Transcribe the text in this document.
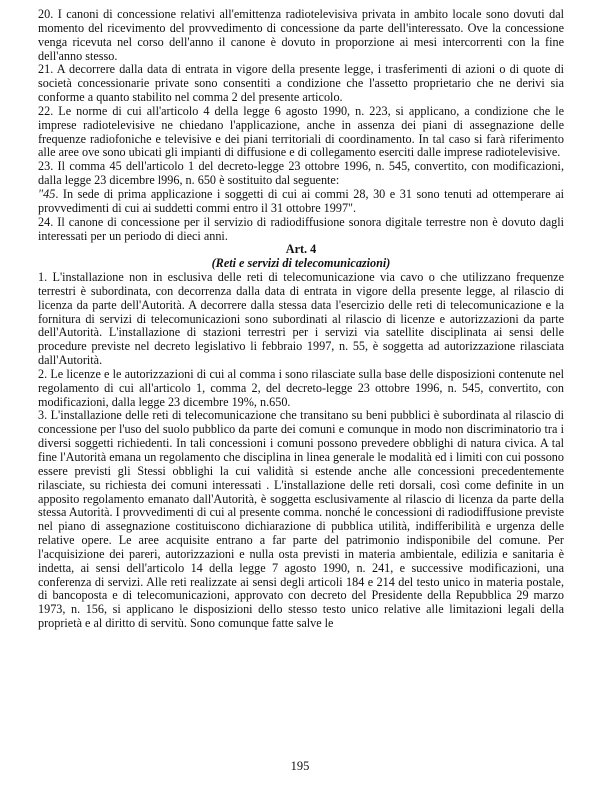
20. I canoni di concessione relativi all'emittenza radiotelevisiva privata in ambito locale sono dovuti dal momento del ricevimento del provvedimento di concessione da parte dell'interessato. Ove la concessione venga ricevuta nel corso dell'anno il canone è dovuto in proporzione ai mesi intercorrenti con la fine dell'anno stesso.

21. A decorrere dalla data di entrata in vigore della presente legge, i trasferimenti di azioni o di quote di società concessionarie private sono consentiti a condizione che l'assetto proprietario che ne derivi sia conforme a quanto stabilito nel comma 2 del presente articolo.

22. Le norme di cui all'articolo 4 della legge 6 agosto 1990, n. 223, si applicano, a condizione che le imprese radiotelevisive ne chiedano l'applicazione, anche in assenza dei piani di assegnazione delle frequenze radiofoniche e televisive e dei piani territoriali di coordinamento. In tal caso si farà riferimento alle aree ove sono ubicati gli impianti di diffusione e di collegamento eserciti dalle imprese radiotelevisive.

23. Il comma 45 dell'articolo 1 del decreto-legge 23 ottobre 1996, n. 545, convertito, con modificazioni, dalla legge 23 dicembre l996, n. 650 è sostituito dal seguente:

"45. In sede di prima applicazione i soggetti di cui ai commi 28, 30 e 31 sono tenuti ad ottemperare ai provvedimenti di cui ai suddetti commi entro il 31 ottobre 1997".

24. Il canone di concessione per il servizio di radiodiffusione sonora digitale terrestre non è dovuto dagli interessati per un periodo di dieci anni.

Art. 4

(Reti e servizi di telecomunicazioni)

1. L'installazione non in esclusiva delle reti di telecomunicazione via cavo o che utilizzano frequenze terrestri è subordinata, con decorrenza dalla data di entrata in vigore della presente legge, al rilascio di licenza da parte dell'Autorità. A decorrere dalla stessa data l'esercizio delle reti di telecomunicazione e la fornitura di servizi di telecomunicazioni sono subordinati al rilascio di licenze e autorizzazioni da parte dell'Autorità. L'installazione di stazioni terrestri per i servizi via satellite disciplinata ai sensi delle procedure previste nel decreto legislativo li febbraio 1997, n. 55, è soggetta ad autorizzazione rilasciata dall'Autorità.

2. Le licenze e le autorizzazioni di cui al comma i sono rilasciate sulla base delle disposizioni contenute nel regolamento di cui all'articolo 1, comma 2, del decreto-legge 23 ottobre 1996, n. 545, convertito, con modificazioni, dalla legge 23 dicembre 19%, n.650.

3. L'installazione delle reti di telecomunicazione che transitano su beni pubblici è subordinata al rilascio di concessione per l'uso del suolo pubblico da parte dei comuni e comunque in modo non discriminatorio tra i diversi soggetti richiedenti. In tali concessioni i comuni possono prevedere obblighi di natura civica. A tal fine l'Autorità emana un regolamento che disciplina in linea generale le modalità ed i limiti con cui possono essere previsti gli Stessi obblighi la cui validità si estende anche alle concessioni precedentemente rilasciate, su richiesta dei comuni interessati . L'installazione delle reti dorsali, così come definite in un apposito regolamento emanato dall'Autorità, è soggetta esclusivamente al rilascio di licenza da parte della stessa Autorità. I provvedimenti di cui al presente comma. nonché le concessioni di radiodiffusione previste nel piano di assegnazione costituiscono dichiarazione di pubblica utilità, indifferibilità e urgenza delle relative opere. Le aree acquisite entrano a far parte del patrimonio indisponibile del comune. Per l'acquisizione dei pareri, autorizzazioni e nulla osta previsti in materia ambientale, edilizia e sanitaria è indetta, ai sensi dell'articolo 14 della legge 7 agosto 1990, n. 241, e successive modificazioni, una conferenza di servizi. Alle reti realizzate ai sensi degli articoli 184 e 214 del testo unico in materia postale, di bancoposta e di telecomunicazioni, approvato con decreto del Presidente della Repubblica 29 marzo 1973, n. 156, si applicano le disposizioni dello stesso testo unico relative alle limitazioni legali della proprietà e al diritto di servitù. Sono comunque fatte salve le

195
